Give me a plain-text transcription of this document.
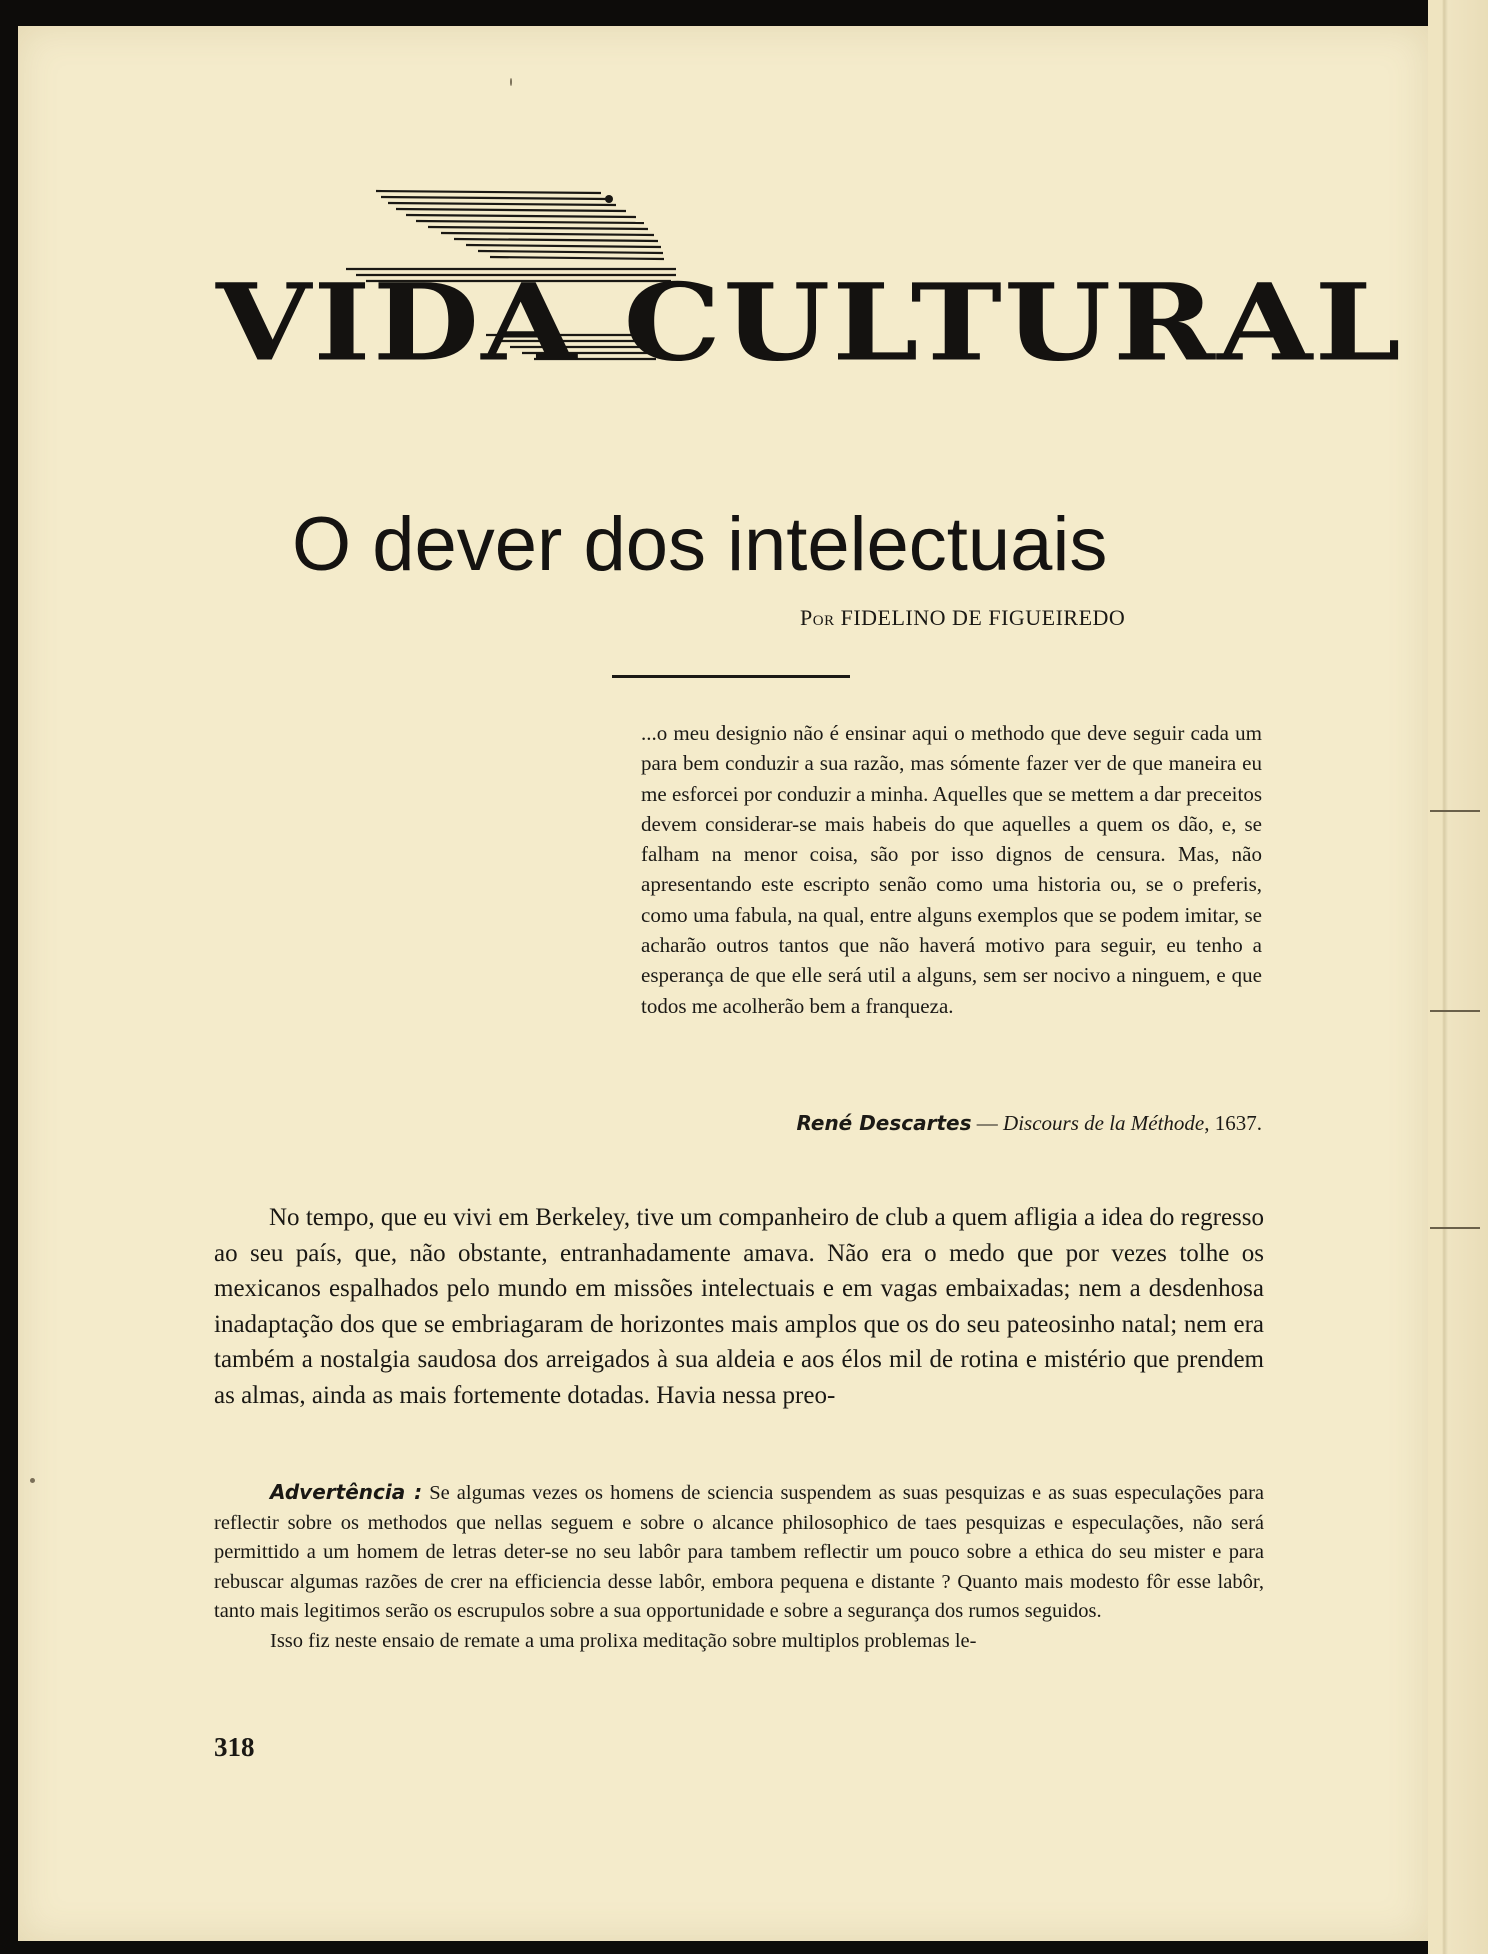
VIDA CULTURAL
O dever dos intelectuais
Por FIDELINO DE FIGUEIREDO
...o meu designio não é ensinar aqui o methodo que deve seguir cada um para bem conduzir a sua razão, mas sómente fazer ver de que maneira eu me esforcei por conduzir a minha. Aquelles que se mettem a dar preceitos devem considerar-se mais habeis do que aquelles a quem os dão, e, se falham na menor coisa, são por isso dignos de censura. Mas, não apresentando este escripto senão como uma historia ou, se o preferis, como uma fabula, na qual, entre alguns exemplos que se podem imitar, se acharão outros tantos que não haverá motivo para seguir, eu tenho a esperança de que elle será util a alguns, sem ser nocivo a ninguem, e que todos me acolherão bem a franqueza.
René Descartes — Discours de la Méthode, 1637.
No tempo, que eu vivi em Berkeley, tive um companheiro de club a quem afligia a idea do regresso ao seu país, que, não obstante, entranhadamente amava. Não era o medo que por vezes tolhe os mexicanos espalhados pelo mundo em missões intelectuais e em vagas embaixadas; nem a desdenhosa inadaptação dos que se embriagaram de horizontes mais amplos que os do seu pateosinho natal; nem era também a nostalgia saudosa dos arreigados à sua aldeia e aos élos mil de rotina e mistério que prendem as almas, ainda as mais fortemente dotadas. Havia nessa preo-

Advertência : Se algumas vezes os homens de sciencia suspendem as suas pesquizas e as suas especulações para reflectir sobre os methodos que nellas seguem e sobre o alcance philosophico de taes pesquizas e especulações, não será permittido a um homem de letras deter-se no seu labôr para tambem reflectir um pouco sobre a ethica do seu mister e para rebuscar algumas razões de crer na efficiencia desse labôr, embora pequena e distante ? Quanto mais modesto fôr esse labôr, tanto mais legitimos serão os escrupulos sobre a sua opportunidade e sobre a segurança dos rumos seguidos.

Isso fiz neste ensaio de remate a uma prolixa meditação sobre multiplos problemas le-

318
